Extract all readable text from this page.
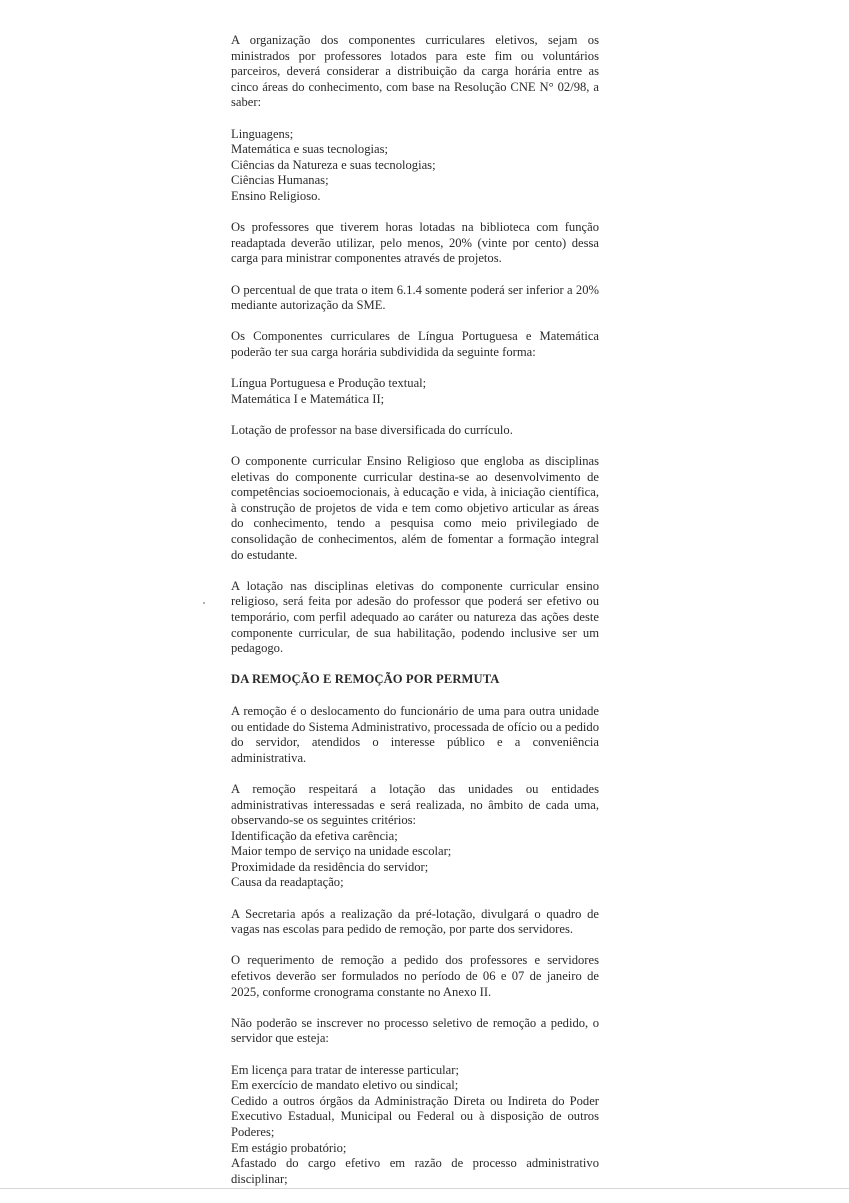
A organização dos componentes curriculares eletivos, sejam os ministrados por professores lotados para este fim ou voluntários parceiros, deverá considerar a distribuição da carga horária entre as cinco áreas do conhecimento, com base na Resolução CNE N° 02/98, a saber:

Linguagens;
Matemática e suas tecnologias;
Ciências da Natureza e suas tecnologias;
Ciências Humanas;
Ensino Religioso.

Os professores que tiverem horas lotadas na biblioteca com função readaptada deverão utilizar, pelo menos, 20% (vinte por cento) dessa carga para ministrar componentes através de projetos.

O percentual de que trata o item 6.1.4 somente poderá ser inferior a 20% mediante autorização da SME.

Os Componentes curriculares de Língua Portuguesa e Matemática poderão ter sua carga horária subdividida da seguinte forma:

Língua Portuguesa e Produção textual;
Matemática I e Matemática II;

Lotação de professor na base diversificada do currículo.

O componente curricular Ensino Religioso que engloba as disciplinas eletivas do componente curricular destina-se ao desenvolvimento de competências socioemocionais, à educação e vida, à iniciação científica, à construção de projetos de vida e tem como objetivo articular as áreas do conhecimento, tendo a pesquisa como meio privilegiado de consolidação de conhecimentos, além de fomentar a formação integral do estudante.

A lotação nas disciplinas eletivas do componente curricular ensino religioso, será feita por adesão do professor que poderá ser efetivo ou temporário, com perfil adequado ao caráter ou natureza das ações deste componente curricular, de sua habilitação, podendo inclusive ser um pedagogo.

DA REMOÇÃO E REMOÇÃO POR PERMUTA

A remoção é o deslocamento do funcionário de uma para outra unidade ou entidade do Sistema Administrativo, processada de ofício ou a pedido do servidor, atendidos o interesse público e a conveniência administrativa.

A remoção respeitará a lotação das unidades ou entidades administrativas interessadas e será realizada, no âmbito de cada uma, observando-se os seguintes critérios:

Identificação da efetiva carência;
Maior tempo de serviço na unidade escolar;
Proximidade da residência do servidor;
Causa da readaptação;

A Secretaria após a realização da pré-lotação, divulgará o quadro de vagas nas escolas para pedido de remoção, por parte dos servidores.

O requerimento de remoção a pedido dos professores e servidores efetivos deverão ser formulados no período de 06 e 07 de janeiro de 2025, conforme cronograma constante no Anexo II.

Não poderão se inscrever no processo seletivo de remoção a pedido, o servidor que esteja:

Em licença para tratar de interesse particular;
Em exercício de mandato eletivo ou sindical;
Cedido a outros órgãos da Administração Direta ou Indireta do Poder Executivo Estadual, Municipal ou Federal ou à disposição de outros Poderes;
Em estágio probatório;
Afastado do cargo efetivo em razão de processo administrativo disciplinar;
